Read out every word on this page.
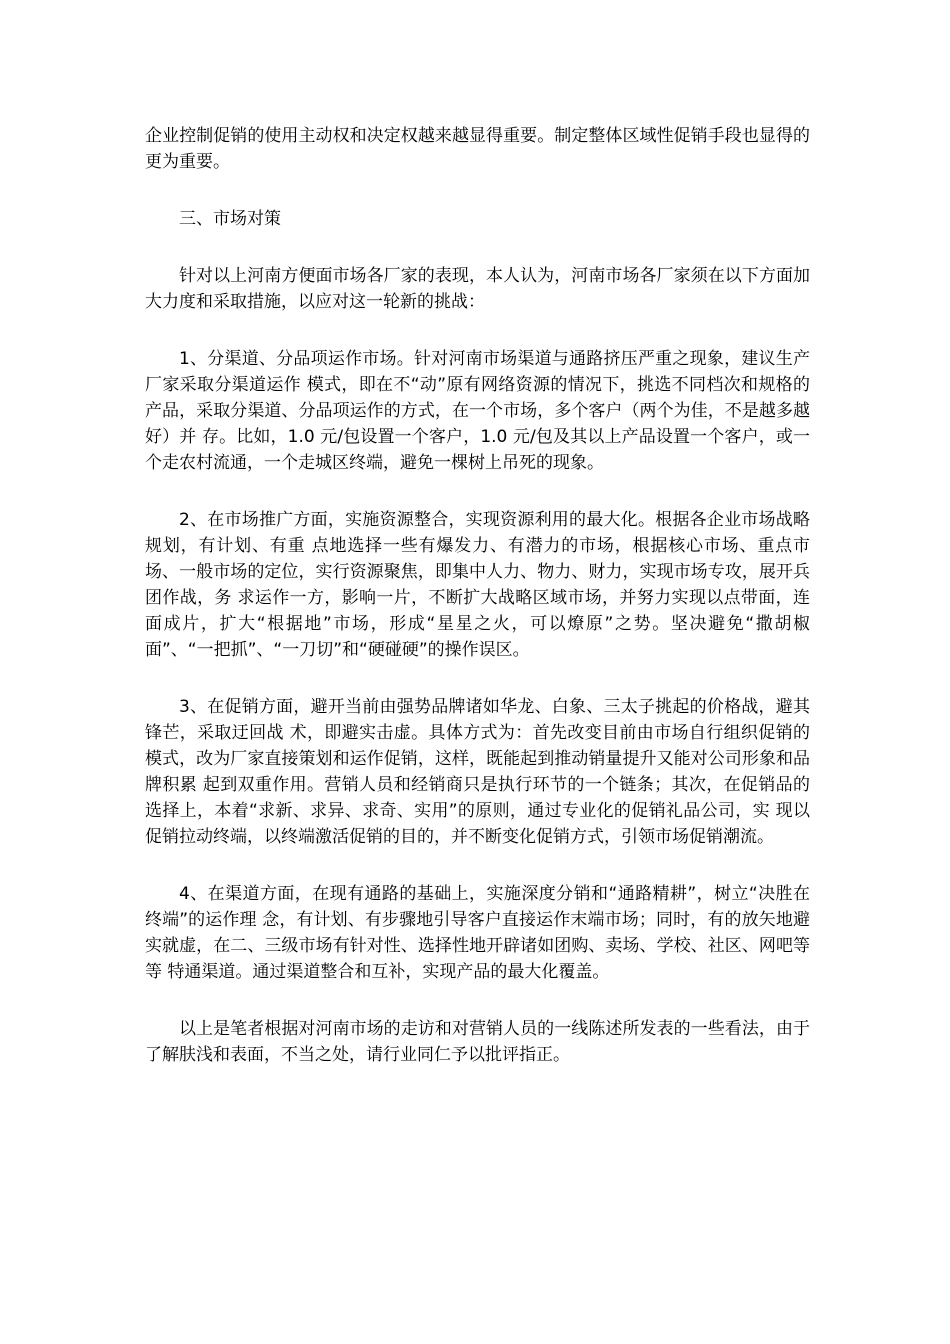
企业控制促销的使用主动权和决定权越来越显得重要。制定整体区域性促销手段也显得的更为重要。

三、市场对策

针对以上河南方便面市场各厂家的表现，本人认为，河南市场各厂家须在以下方面加大力度和采取措施，以应对这一轮新的挑战：

1、分渠道、分品项运作市场。针对河南市场渠道与通路挤压严重之现象，建议生产厂家采取分渠道运作 模式，即在不“动”原有网络资源的情况下，挑选不同档次和规格的产品，采取分渠道、分品项运作的方式，在一个市场，多个客户（两个为佳，不是越多越好）并 存。比如，1.0 元/包设置一个客户，1.0 元/包及其以上产品设置一个客户，或一个走农村流通，一个走城区终端，避免一棵树上吊死的现象。

2、在市场推广方面，实施资源整合，实现资源利用的最大化。根据各企业市场战略规划，有计划、有重 点地选择一些有爆发力、有潜力的市场，根据核心市场、重点市场、一般市场的定位，实行资源聚焦，即集中人力、物力、财力，实现市场专攻，展开兵团作战，务 求运作一方，影响一片，不断扩大战略区域市场，并努力实现以点带面，连面成片，扩大“根据地”市场，形成“星星之火，可以燎原”之势。坚决避免“撒胡椒 面”、“一把抓”、“一刀切”和“硬碰硬”的操作误区。

3、在促销方面，避开当前由强势品牌诸如华龙、白象、三太子挑起的价格战，避其锋芒，采取迂回战 术，即避实击虚。具体方式为：首先改变目前由市场自行组织促销的模式，改为厂家直接策划和运作促销，这样，既能起到推动销量提升又能对公司形象和品牌积累 起到双重作用。营销人员和经销商只是执行环节的一个链条；其次，在促销品的选择上，本着“求新、求异、求奇、实用”的原则，通过专业化的促销礼品公司，实 现以促销拉动终端，以终端激活促销的目的，并不断变化促销方式，引领市场促销潮流。

4、在渠道方面，在现有通路的基础上，实施深度分销和“通路精耕”，树立“决胜在终端”的运作理 念，有计划、有步骤地引导客户直接运作末端市场；同时，有的放矢地避实就虚，在二、三级市场有针对性、选择性地开辟诸如团购、卖场、学校、社区、网吧等等 特通渠道。通过渠道整合和互补，实现产品的最大化覆盖。

以上是笔者根据对河南市场的走访和对营销人员的一线陈述所发表的一些看法，由于了解肤浅和表面，不当之处，请行业同仁予以批评指正。
